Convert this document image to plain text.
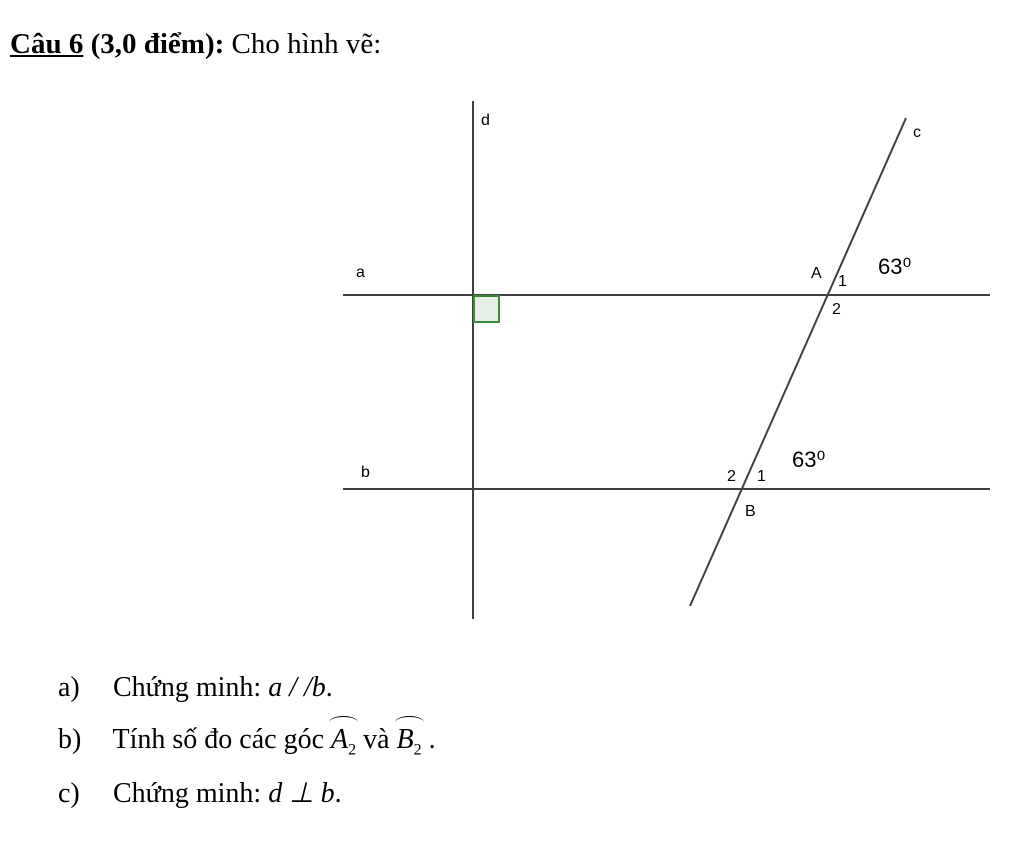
Câu 6 (3,0 điểm): Cho hình vẽ:
d
c
a
b
A 1
2
63⁰
2 1
B
63⁰
a) Chứng minh: a / /b.
b) Tính số đo các góc $A_2$ và $B_2$ .
c) Chứng minh: d ⊥ b.
